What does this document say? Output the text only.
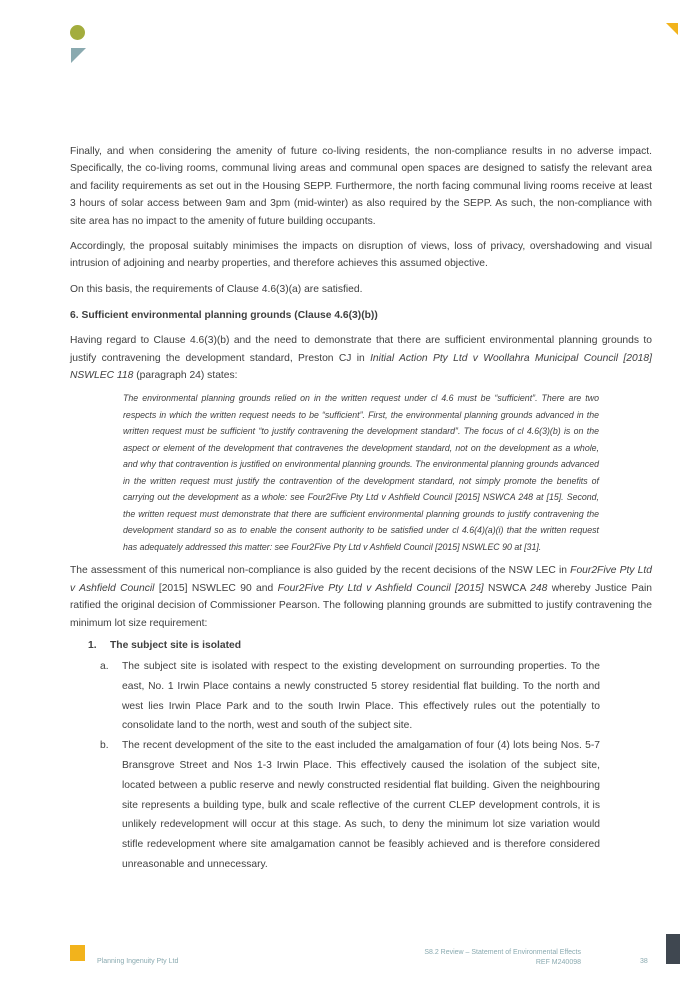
Finally, and when considering the amenity of future co-living residents, the non-compliance results in no adverse impact. Specifically, the co-living rooms, communal living areas and communal open spaces are designed to satisfy the relevant area and facility requirements as set out in the Housing SEPP. Furthermore, the north facing communal living rooms receive at least 3 hours of solar access between 9am and 3pm (mid-winter) as also required by the SEPP. As such, the non-compliance with site area has no impact to the amenity of future building occupants.

Accordingly, the proposal suitably minimises the impacts on disruption of views, loss of privacy, overshadowing and visual intrusion of adjoining and nearby properties, and therefore achieves this assumed objective.

On this basis, the requirements of Clause 4.6(3)(a) are satisfied.

6. Sufficient environmental planning grounds (Clause 4.6(3)(b))

Having regard to Clause 4.6(3)(b) and the need to demonstrate that there are sufficient environmental planning grounds to justify contravening the development standard, Preston CJ in Initial Action Pty Ltd v Woollahra Municipal Council [2018] NSWLEC 118 (paragraph 24) states:

The environmental planning grounds relied on in the written request under cl 4.6 must be “sufficient”. There are two respects in which the written request needs to be “sufficient”. First, the environmental planning grounds advanced in the written request must be sufficient “to justify contravening the development standard”. The focus of cl 4.6(3)(b) is on the aspect or element of the development that contravenes the development standard, not on the development as a whole, and why that contravention is justified on environmental planning grounds. The environmental planning grounds advanced in the written request must justify the contravention of the development standard, not simply promote the benefits of carrying out the development as a whole: see Four2Five Pty Ltd v Ashfield Council [2015] NSWCA 248 at [15]. Second, the written request must demonstrate that there are sufficient environmental planning grounds to justify contravening the development standard so as to enable the consent authority to be satisfied under cl 4.6(4)(a)(i) that the written request has adequately addressed this matter: see Four2Five Pty Ltd v Ashfield Council [2015] NSWLEC 90 at [31].

The assessment of this numerical non-compliance is also guided by the recent decisions of the NSW LEC in Four2Five Pty Ltd v Ashfield Council [2015] NSWLEC 90 and Four2Five Pty Ltd v Ashfield Council [2015] NSWCA 248 whereby Justice Pain ratified the original decision of Commissioner Pearson. The following planning grounds are submitted to justify contravening the minimum lot size requirement:

1. The subject site is isolated
a. The subject site is isolated with respect to the existing development on surrounding properties. To the east, No. 1 Irwin Place contains a newly constructed 5 storey residential flat building. To the north and west lies Irwin Place Park and to the south Irwin Place. This effectively rules out the potentially to consolidate land to the north, west and south of the subject site.

b. The recent development of the site to the east included the amalgamation of four (4) lots being Nos. 5-7 Bransgrove Street and Nos 1-3 Irwin Place. This effectively caused the isolation of the subject site, located between a public reserve and newly constructed residential flat building. Given the neighbouring site represents a building type, bulk and scale reflective of the current CLEP development controls, it is unlikely redevelopment will occur at this stage. As such, to deny the minimum lot size variation would stifle redevelopment where site amalgamation cannot be feasibly achieved and is therefore considered unreasonable and unnecessary.

Planning Ingenuity Pty Ltd
S8.2 Review – Statement of Environmental Effects
REF M240098	38
